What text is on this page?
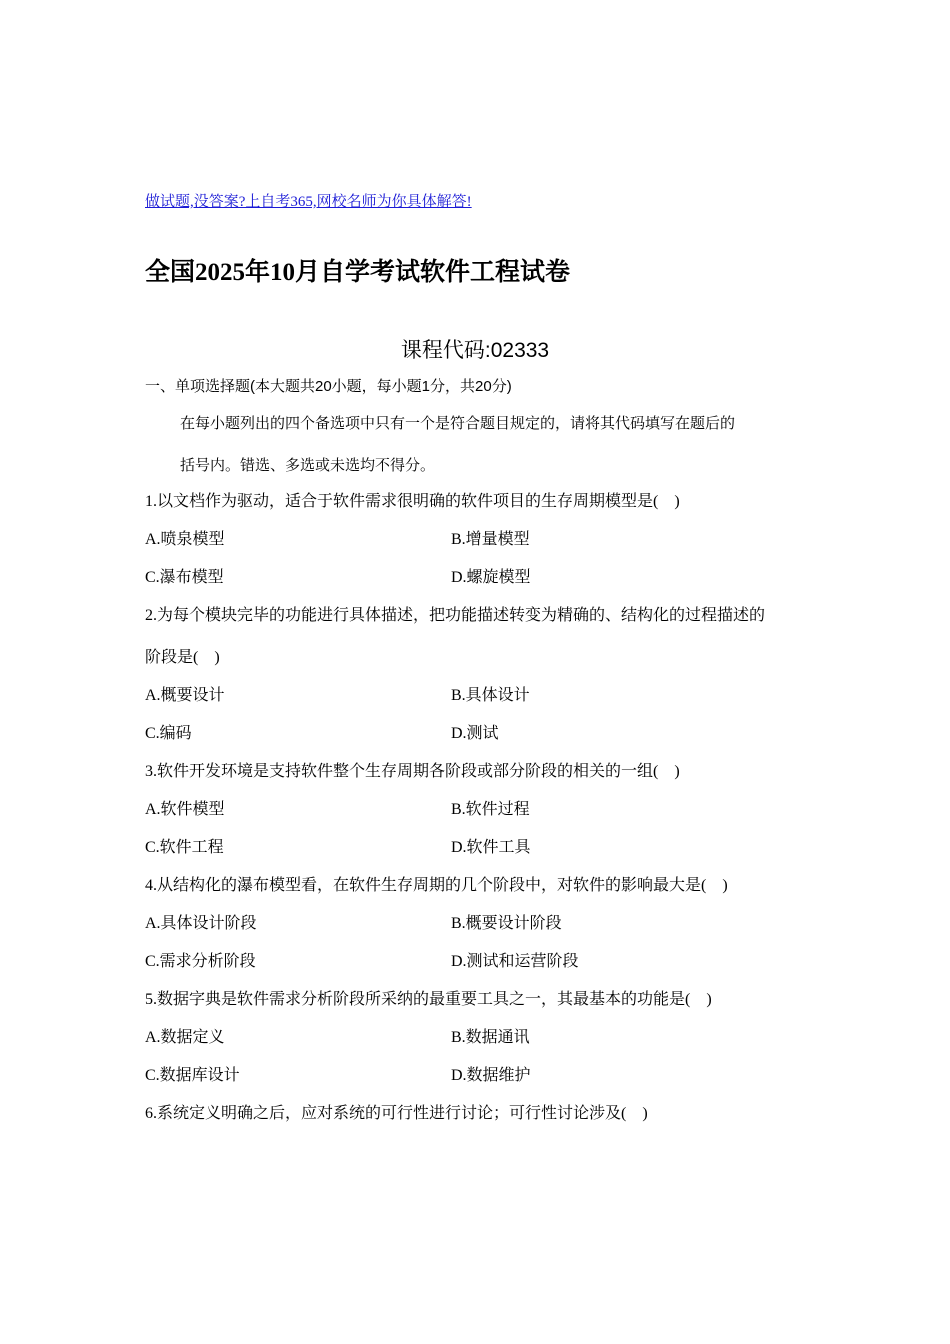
做试题,没答案?上自考365,网校名师为你具体解答!
全国2025年10月自学考试软件工程试卷
课程代码:02333
一、单项选择题(本大题共20小题，每小题1分，共20分)
在每小题列出的四个备选项中只有一个是符合题目规定的，请将其代码填写在题后的
括号内。错选、多选或未选均不得分。
1.以文档作为驱动，适合于软件需求很明确的软件项目的生存周期模型是(    )
A.喷泉模型	B.增量模型
C.瀑布模型	D.螺旋模型
2.为每个模块完毕的功能进行具体描述，把功能描述转变为精确的、结构化的过程描述的
阶段是(    )
A.概要设计	B.具体设计
C.编码	D.测试
3.软件开发环境是支持软件整个生存周期各阶段或部分阶段的相关的一组(    )
A.软件模型	B.软件过程
C.软件工程	D.软件工具
4.从结构化的瀑布模型看，在软件生存周期的几个阶段中，对软件的影响最大是(    )
A.具体设计阶段	B.概要设计阶段
C.需求分析阶段	D.测试和运营阶段
5.数据字典是软件需求分析阶段所采纳的最重要工具之一，其最基本的功能是(    )
A.数据定义	B.数据通讯
C.数据库设计	D.数据维护
6.系统定义明确之后，应对系统的可行性进行讨论；可行性讨论涉及(    )
